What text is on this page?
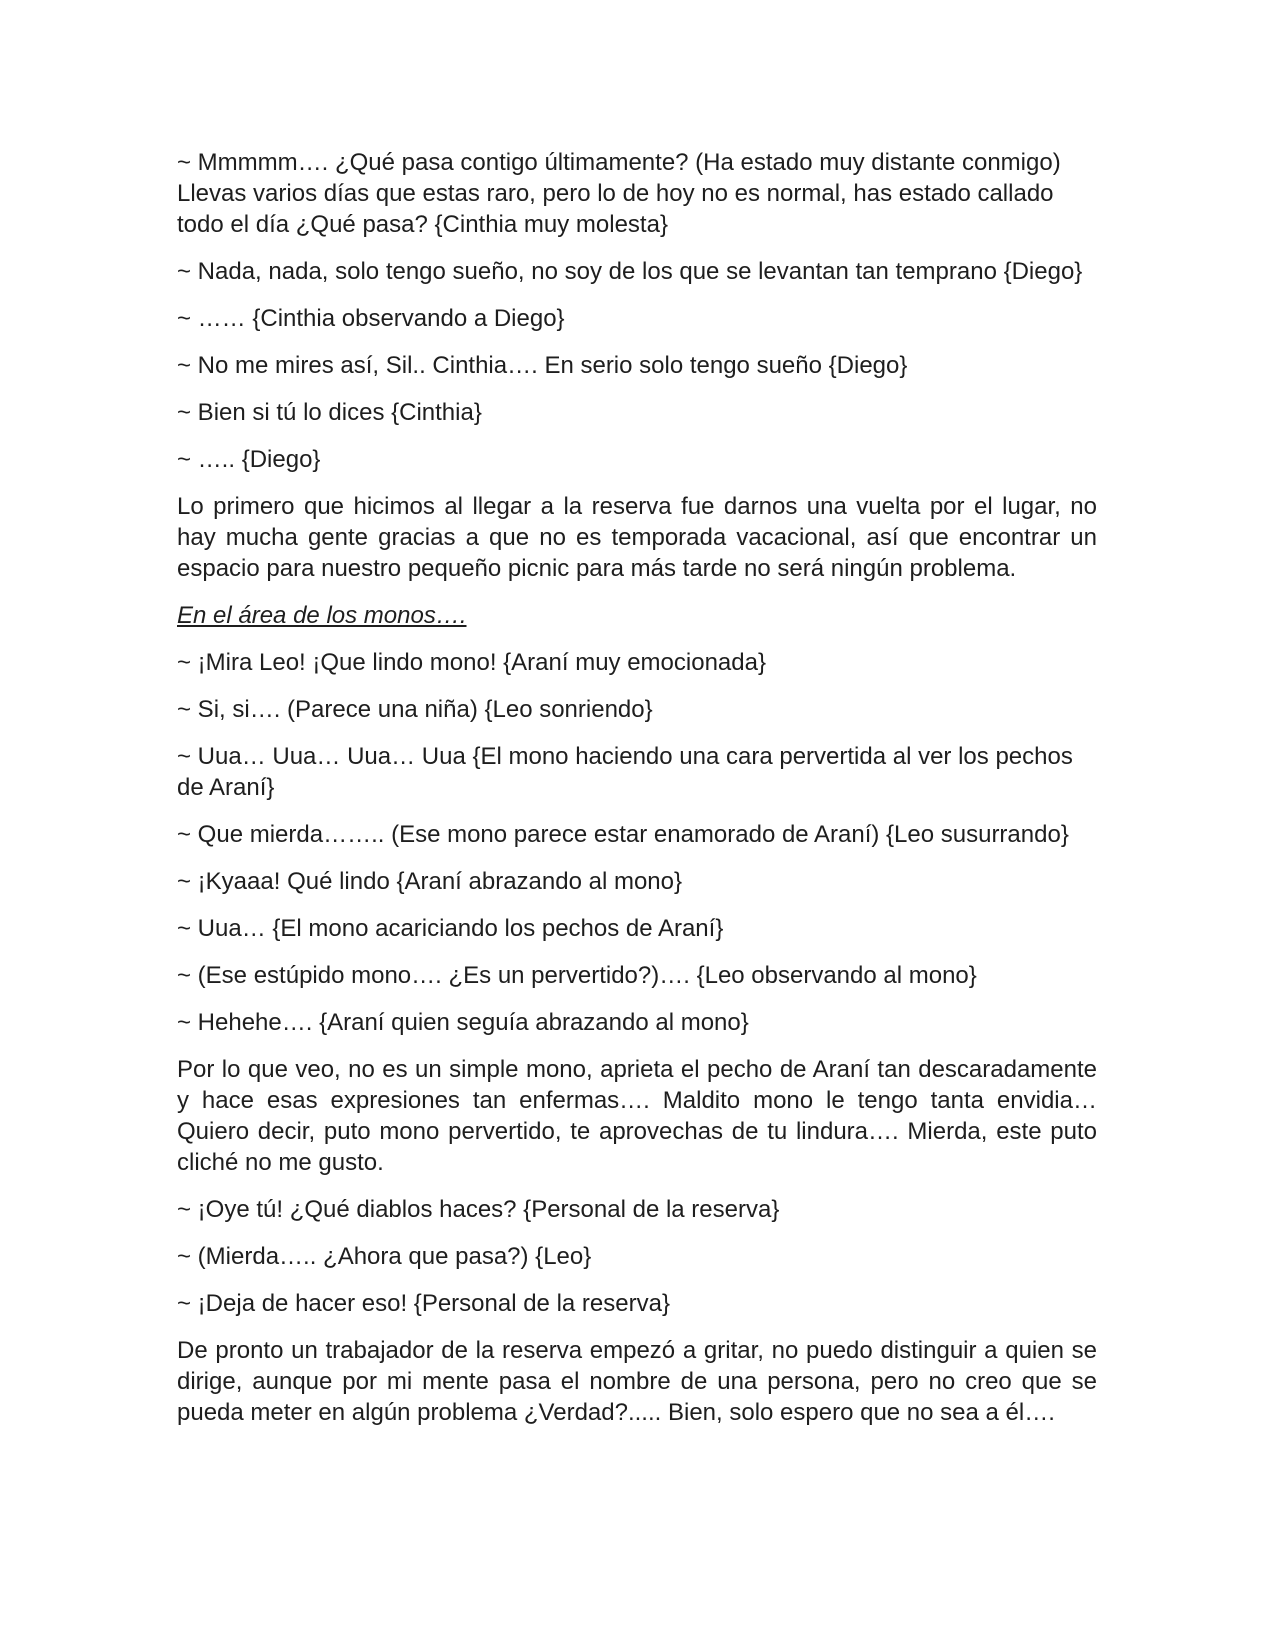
~ Mmmmm…. ¿Qué pasa contigo últimamente? (Ha estado muy distante conmigo) Llevas varios días que estas raro, pero lo de hoy no es normal, has estado callado todo el día ¿Qué pasa? {Cinthia muy molesta}

~ Nada, nada, solo tengo sueño, no soy de los que se levantan tan temprano {Diego}

~ …… {Cinthia observando a Diego}

~ No me mires así, Sil.. Cinthia…. En serio solo tengo sueño {Diego}

~ Bien si tú lo dices {Cinthia}

~ ….. {Diego}

Lo primero que hicimos al llegar a la reserva fue darnos una vuelta por el lugar, no hay mucha gente gracias a que no es temporada vacacional, así que encontrar un espacio para nuestro pequeño picnic para más tarde no será ningún problema.

En el área de los monos….

~ ¡Mira Leo! ¡Que lindo mono! {Araní muy emocionada}

~ Si, si…. (Parece una niña) {Leo sonriendo}

~ Uua… Uua… Uua… Uua {El mono haciendo una cara pervertida al ver los pechos de Araní}

~ Que mierda…….. (Ese mono parece estar enamorado de Araní) {Leo susurrando}

~ ¡Kyaaa! Qué lindo {Araní abrazando al mono}

~ Uua… {El mono acariciando los pechos de Araní}

~ (Ese estúpido mono…. ¿Es un pervertido?)…. {Leo observando al mono}

~ Hehehe…. {Araní quien seguía abrazando al mono}

Por lo que veo, no es un simple mono, aprieta el pecho de Araní tan descaradamente y hace esas expresiones tan enfermas…. Maldito mono le tengo tanta envidia… Quiero decir, puto mono pervertido, te aprovechas de tu lindura…. Mierda, este puto cliché no me gusto.

~ ¡Oye tú! ¿Qué diablos haces? {Personal de la reserva}

~ (Mierda….. ¿Ahora que pasa?) {Leo}

~ ¡Deja de hacer eso! {Personal de la reserva}

De pronto un trabajador de la reserva empezó a gritar, no puedo distinguir a quien se dirige, aunque por mi mente pasa el nombre de una persona, pero no creo que se pueda meter en algún problema ¿Verdad?..... Bien, solo espero que no sea a él….
